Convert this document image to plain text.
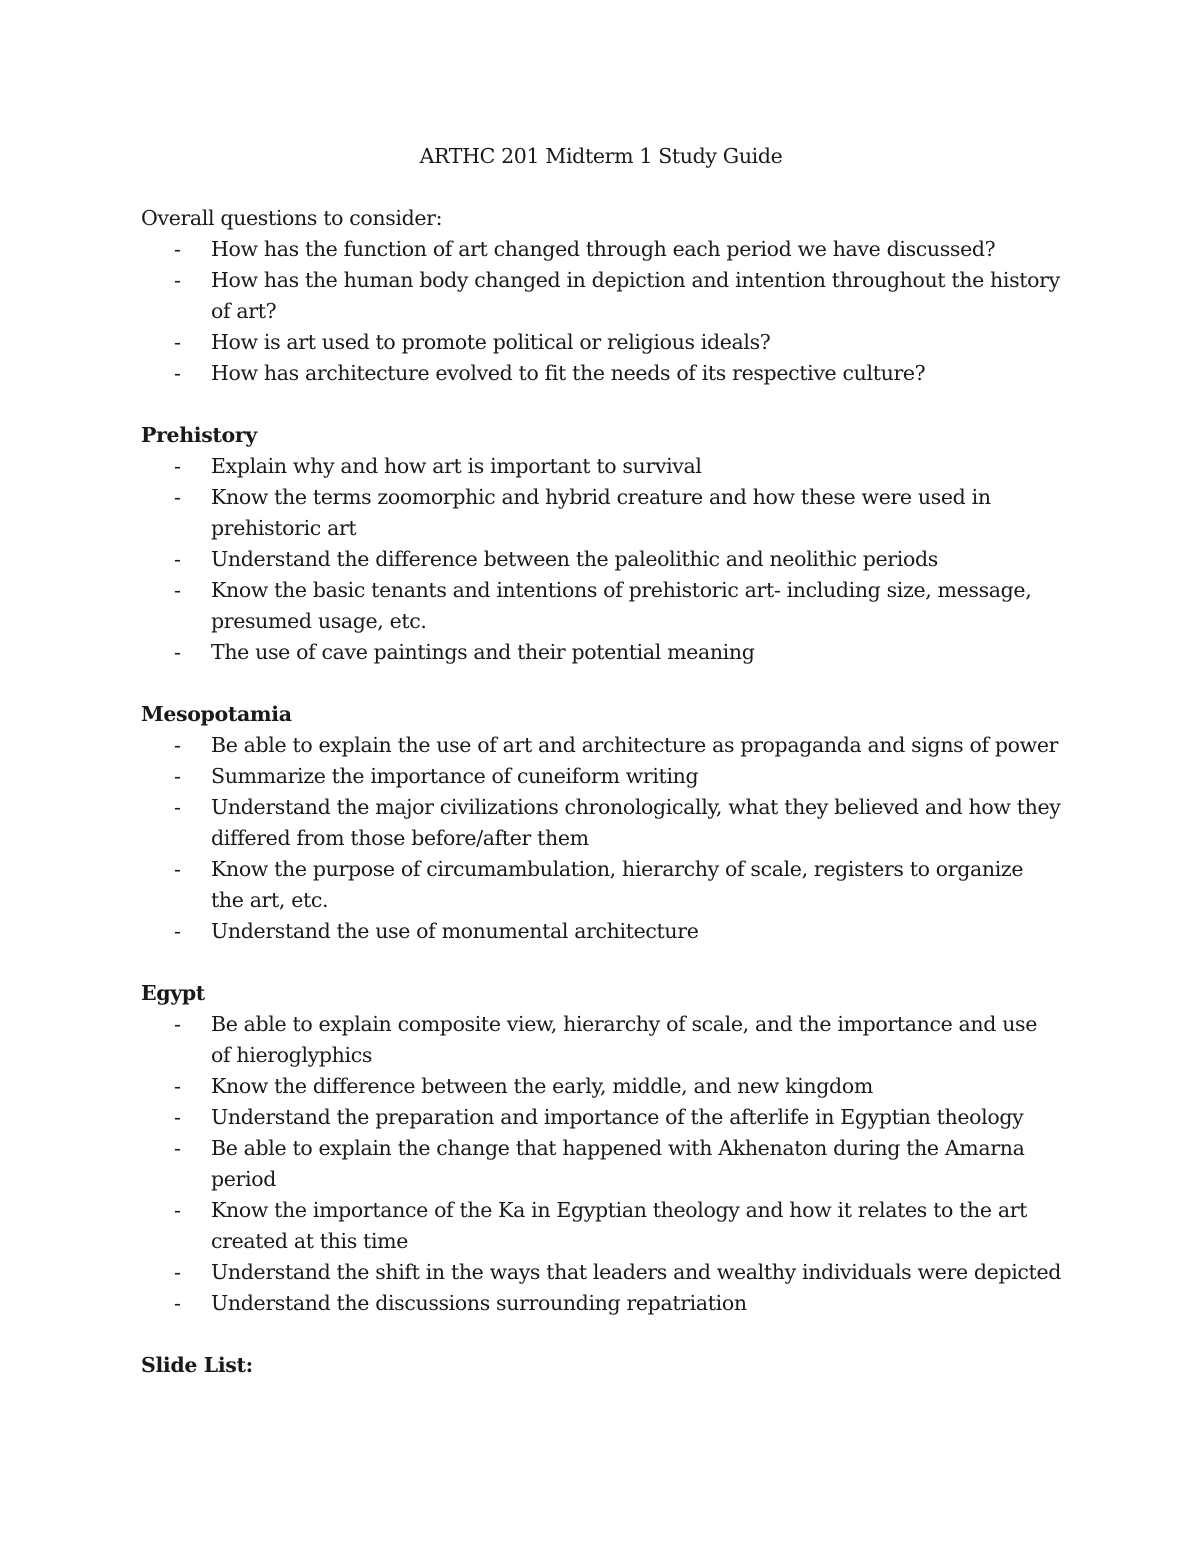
ARTHC 201 Midterm 1 Study Guide

Overall questions to consider:

- How has the function of art changed through each period we have discussed?
- How has the human body changed in depiction and intention throughout the history of art?
- How is art used to promote political or religious ideals?
- How has architecture evolved to fit the needs of its respective culture?
Prehistory
- Explain why and how art is important to survival
- Know the terms zoomorphic and hybrid creature and how these were used in prehistoric art
- Understand the difference between the paleolithic and neolithic periods
- Know the basic tenants and intentions of prehistoric art- including size, message, presumed usage, etc.
- The use of cave paintings and their potential meaning
Mesopotamia
- Be able to explain the use of art and architecture as propaganda and signs of power
- Summarize the importance of cuneiform writing
- Understand the major civilizations chronologically, what they believed and how they differed from those before/after them
- Know the purpose of circumambulation, hierarchy of scale, registers to organize the art, etc.
- Understand the use of monumental architecture
Egypt
- Be able to explain composite view, hierarchy of scale, and the importance and use of hieroglyphics
- Know the difference between the early, middle, and new kingdom
- Understand the preparation and importance of the afterlife in Egyptian theology
- Be able to explain the change that happened with Akhenaton during the Amarna period
- Know the importance of the Ka in Egyptian theology and how it relates to the art created at this time
- Understand the shift in the ways that leaders and wealthy individuals were depicted
- Understand the discussions surrounding repatriation
Slide List:
